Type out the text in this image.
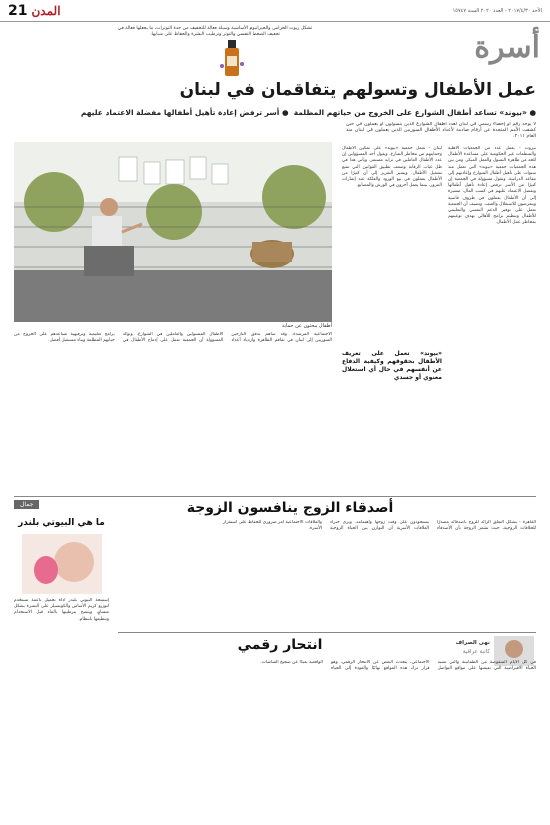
الأحد ٢٠١٧/٤/٣٠ - العدد ٢٠٢٠ السنة ١٥٧٤٧
21 المدن
تشكل زيوت الخزامى والجيرانيوم الأساسية وسيلة فعالة للتخفيف من حدة التوترات، ما يجعلها فعالة في تخفيف الضغط النفسي والتوتر وترطيب البشرة والحفاظ على شبابها.	أسرة
عمل الأطفال وتسولهم يتفاقمان في لبنان
● «بيوند» تساعد أطفال الشوارع على الخروج من حياتهم المظلمة  ● أسر ترفض إعادة تأهيل أطفالها مفضلة الاعتماد عليهم
لا يوجد رقم أو إحصاء رسمي في لبنان لعدد أطفال الشوارع الذين يتسولون أو يعملون في حين كشفت الأمم المتحدة عن أرقام صادمة لأعداد الأطفال السوريين الذين يعملون في لبنان منذ العام ٢٠١١.
بيروت - يعمل عدد من الجمعيات الأهلية والمنظمات غير الحكومية على مساعدة الأطفال للحد من ظاهرة التسول والعمل المبكر. ومن بين هذه الجمعيات جمعية «بيوند» التي تعمل منذ سنوات على تأهيل أطفال الشوارع وإعادتهم إلى مقاعد الدراسة. وتقول مسؤولة في الجمعية إن كثيرًا من الأسر ترفض إعادة تأهيل أطفالها وتفضل الاعتماد عليهم في كسب المال، مشيرة إلى أن الأطفال يعملون في ظروف قاسية ويتعرضون للاستغلال والعنف. وتضيف أن الجمعية تعمل على توفير الدعم النفسي والتعليمي للأطفال وتنظيم برامج للأهالي بهدف توعيتهم بمخاطر عمل الأطفال.
لبنان - تعمل جمعية «بيوند» على تمكين الأطفال وحمايتهم من مخاطر الشارع، ويقول أحد المسؤولين إن عدد الأطفال العاملين في تزايد مستمر. ويأتي هذا في ظل غياب الرقابة وضعف تطبيق القوانين التي تمنع تشغيل الأطفال. ويشير التقرير إلى أن كثيرًا من الأطفال يعملون في بيع الورود والعلكة عند إشارات المرور، بينما يعمل آخرون في الورش والمصانع.
«بيوند» تعمل على تعريف الأطفال بحقوقهم وكيفية الدفاع عن أنفسهم في حال أي استغلال معنوي أو جسدي
أطفال يبحثون عن حماية
الاجتماعية المرشدة. وقد ساهم تدفق النازحين السوريين إلى لبنان في تفاقم الظاهرة وازدياد أعداد الأطفال المتسولين والعاملين في الشوارع. وتؤكد المسؤولة أن الجمعية تعمل على إدماج الأطفال في برامج تعليمية وترفيهية تساعدهم على الخروج من حياتهم المظلمة وبناء مستقبل أفضل.
أصدقاء الزوج ينافسون الزوجة
القاهرة - يشكل التعلق الزائد للزوج بأصدقائه مصدرًا للخلافات الزوجية، حيث تشعر الزوجة بأن الأصدقاء يستحوذون على وقت زوجها واهتمامه. ويرى خبراء العلاقات الأسرية أن التوازن بين الحياة الزوجية والعلاقات الاجتماعية أمر ضروري للحفاظ على استقرار الأسرة.
جمال
ما هي البيوتي بلندر
إسفنجة البيوتي بلندر أداة تجميل ناعمة تستخدم لتوزيع كريم الأساس والكونسيلر على البشرة بشكل متساوٍ، وينصح بترطيبها بالماء قبل الاستخدام وتنظيفها بانتظام.
انتحار رقمي	نهى الصراف
كاتبة عراقية
في كل الأيام المنقوصة من الطمأنينة والتي تشبه الحياة الافتراضية التي نعيشها على مواقع التواصل الاجتماعي، يتحدث البعض عن الانتحار الرقمي، وهو قرار ترك هذه المواقع نهائيًا والعودة إلى الحياة الواقعية بعيدًا عن ضجيج الشاشات.
